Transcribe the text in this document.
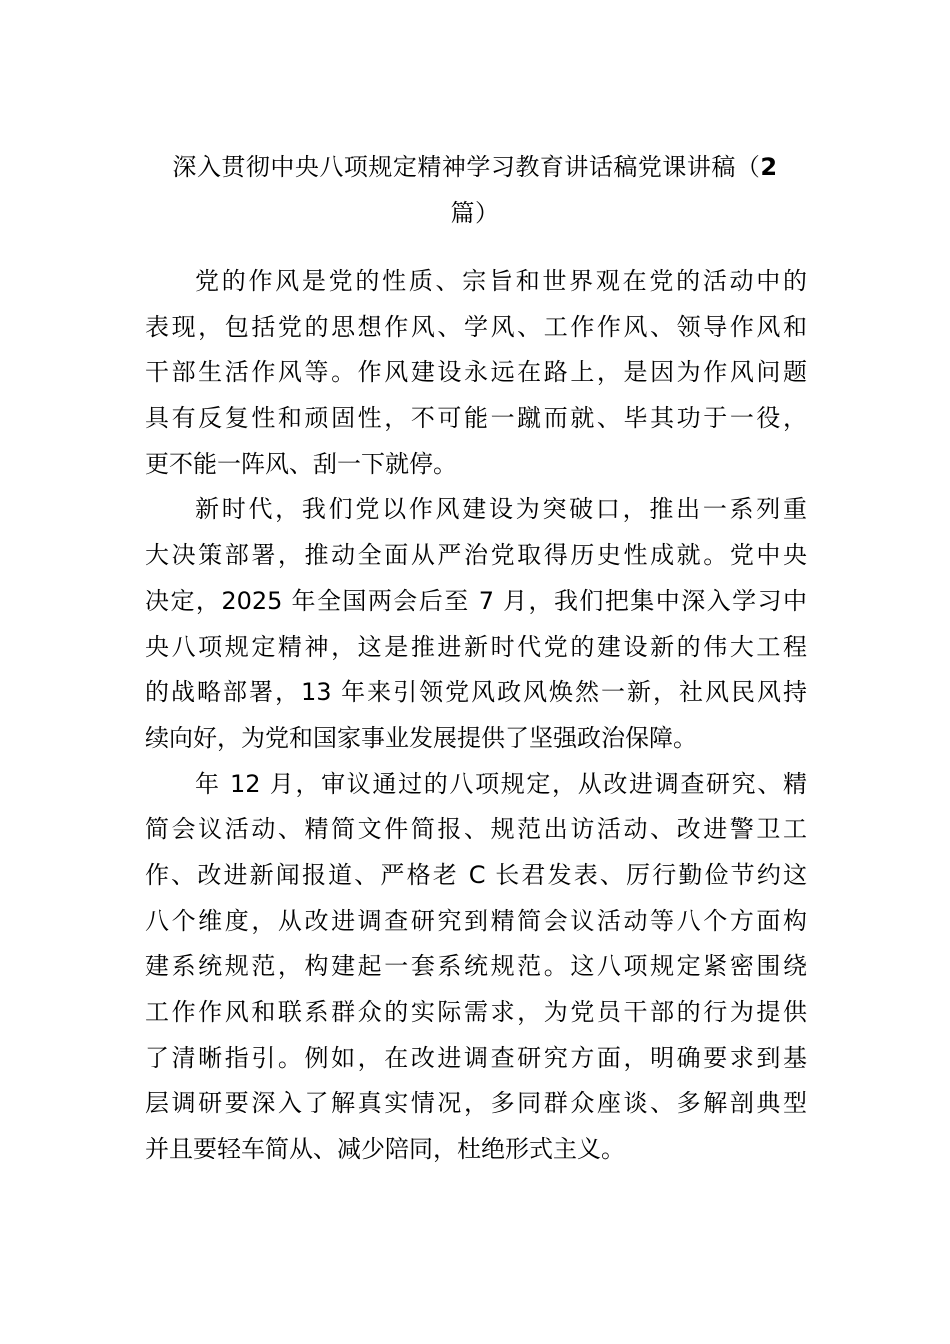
深入贯彻中央八项规定精神学习教育讲话稿党课讲稿（2
篇）
党的作风是党的性质、宗旨和世界观在党的活动中的
表现，包括党的思想作风、学风、工作作风、领导作风和
干部生活作风等。作风建设永远在路上，是因为作风问题
具有反复性和顽固性，不可能一蹴而就、毕其功于一役，
更不能一阵风、刮一下就停。
新时代，我们党以作风建设为突破口，推出一系列重
大决策部署，推动全面从严治党取得历史性成就。党中央
决定，2025 年全国两会后至 7 月，我们把集中深入学习中
央八项规定精神，这是推进新时代党的建设新的伟大工程
的战略部署，13 年来引领党风政风焕然一新，社风民风持
续向好，为党和国家事业发展提供了坚强政治保障。
年 12 月，审议通过的八项规定，从改进调查研究、精
简会议活动、精简文件简报、规范出访活动、改进警卫工
作、改进新闻报道、严格老 C 长君发表、厉行勤俭节约这
八个维度，从改进调查研究到精简会议活动等八个方面构
建系统规范，构建起一套系统规范。这八项规定紧密围绕
工作作风和联系群众的实际需求，为党员干部的行为提供
了清晰指引。例如，在改进调查研究方面，明确要求到基
层调研要深入了解真实情况，多同群众座谈、多解剖典型
并且要轻车简从、减少陪同，杜绝形式主义。
